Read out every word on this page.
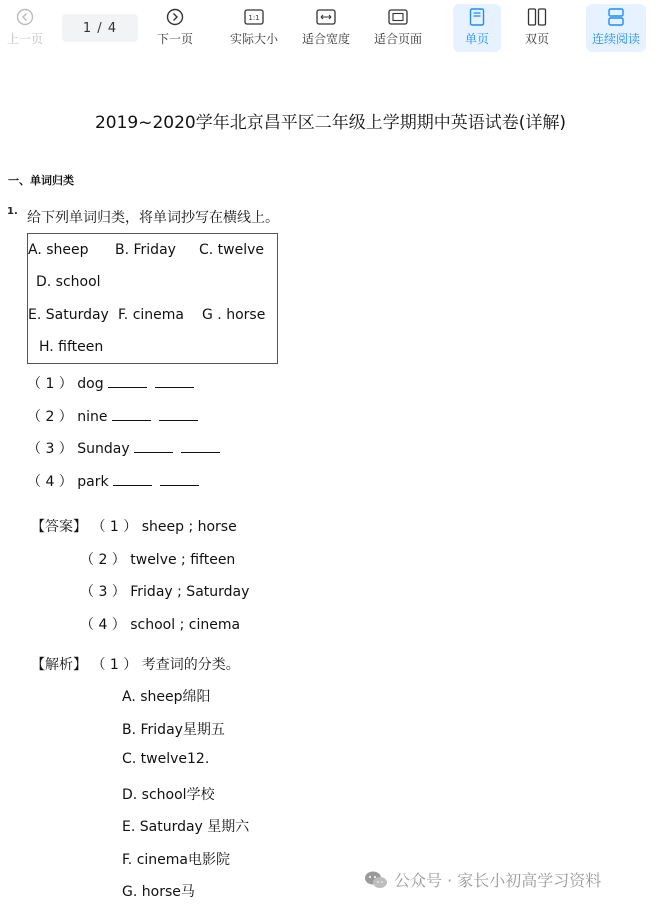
上一页
1 / 4
下一页
1:1
实际大小 适合宽度 适合页面	单页	双页	连续阅读
2019~2020学年北京昌平区二年级上学期期中英语试卷(详解)
一、单词归类
1. 给下列单词归类，将单词抄写在横线上。
A. sheep B. Friday C. twelve
D. school
E. Saturday F. cinema G . horse
H. fifteen
（ 1 ） dog
（ 2 ） nine
（ 3 ） Sunday
（ 4 ） park
【答案】 （ 1 ） sheep ; horse
（ 2 ） twelve ; fifteen
（ 3 ） Friday ; Saturday
（ 4 ） school ; cinema
【解析】 （ 1 ） 考查词的分类。
A. sheep绵阳
B. Friday星期五
C. twelve12.
D. school学校
E. Saturday 星期六
F. cinema电影院
G. horse马
公众号 · 家长小初高学习资料
